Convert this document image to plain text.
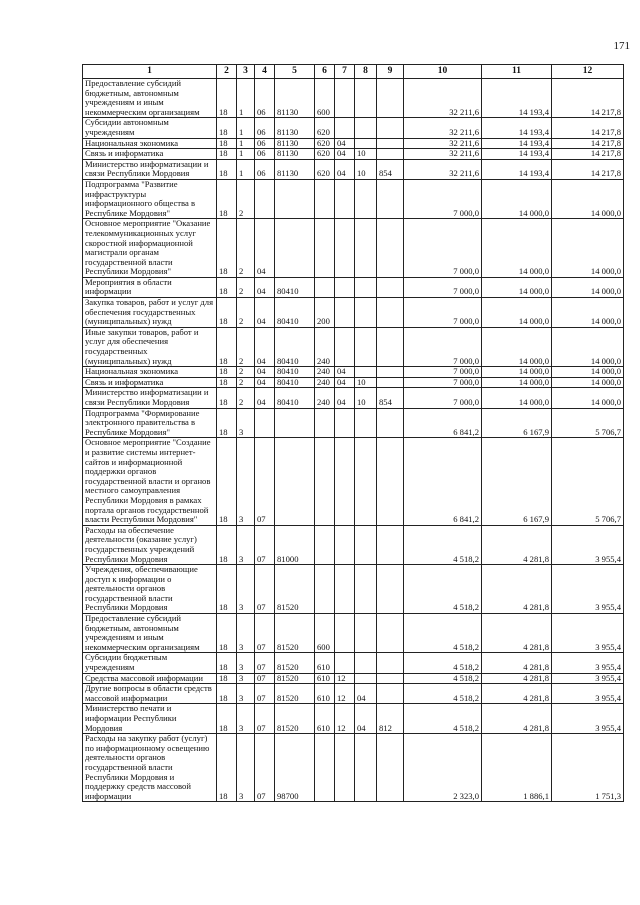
171
1	2	3	4	5	6	7	8	9	10	11	12
Предоставление субсидий бюджетным, автономным учреждениям и иным некоммерческим организациям	18	1	06	81130	600				32 211,6	14 193,4	14 217,8
Субсидии автономным учреждениям	18	1	06	81130	620				32 211,6	14 193,4	14 217,8
Национальная экономика	18	1	06	81130	620	04			32 211,6	14 193,4	14 217,8
Связь и информатика	18	1	06	81130	620	04	10		32 211,6	14 193,4	14 217,8
Министерство информатизации и связи Республики Мордовия	18	1	06	81130	620	04	10	854	32 211,6	14 193,4	14 217,8
Подпрограмма "Развитие инфраструктуры информационного общества в Республике Мордовия"	18	2							7 000,0	14 000,0	14 000,0
Основное мероприятие "Оказание телекоммуникационных услуг скоростной информационной магистрали органам государственной власти Республики Мордовия"	18	2	04						7 000,0	14 000,0	14 000,0
Мероприятия в области информации	18	2	04	80410					7 000,0	14 000,0	14 000,0
Закупка товаров, работ и услуг для обеспечения государственных (муниципальных) нужд	18	2	04	80410	200				7 000,0	14 000,0	14 000,0
Иные закупки товаров, работ и услуг для обеспечения государственных (муниципальных) нужд	18	2	04	80410	240				7 000,0	14 000,0	14 000,0
Национальная экономика	18	2	04	80410	240	04			7 000,0	14 000,0	14 000,0
Связь и информатика	18	2	04	80410	240	04	10		7 000,0	14 000,0	14 000,0
Министерство информатизации и связи Республики Мордовия	18	2	04	80410	240	04	10	854	7 000,0	14 000,0	14 000,0
Подпрограмма "Формирование электронного правительства в Республике Мордовия"	18	3							6 841,2	6 167,9	5 706,7
Основное мероприятие "Создание и развитие системы интернет-сайтов и информационной поддержки органов государственной власти и органов местного самоуправления Республики Мордовия в рамках портала органов государственной власти Республики Мордовия"	18	3	07						6 841,2	6 167,9	5 706,7
Расходы на обеспечение деятельности (оказание услуг) государственных учреждений Республики Мордовия	18	3	07	81000					4 518,2	4 281,8	3 955,4
Учреждения, обеспечивающие доступ к информации о деятельности органов государственной власти Республики Мордовия	18	3	07	81520					4 518,2	4 281,8	3 955,4
Предоставление субсидий бюджетным, автономным учреждениям и иным некоммерческим организациям	18	3	07	81520	600				4 518,2	4 281,8	3 955,4
Субсидии бюджетным учреждениям	18	3	07	81520	610				4 518,2	4 281,8	3 955,4
Средства массовой информации	18	3	07	81520	610	12			4 518,2	4 281,8	3 955,4
Другие вопросы в области средств массовой информации	18	3	07	81520	610	12	04		4 518,2	4 281,8	3 955,4
Министерство печати и информации Республики Мордовия	18	3	07	81520	610	12	04	812	4 518,2	4 281,8	3 955,4
Расходы на закупку работ (услуг) по информационному освещению деятельности органов государственной власти Республики Мордовия и поддержку средств массовой информации	18	3	07	98700					2 323,0	1 886,1	1 751,3
